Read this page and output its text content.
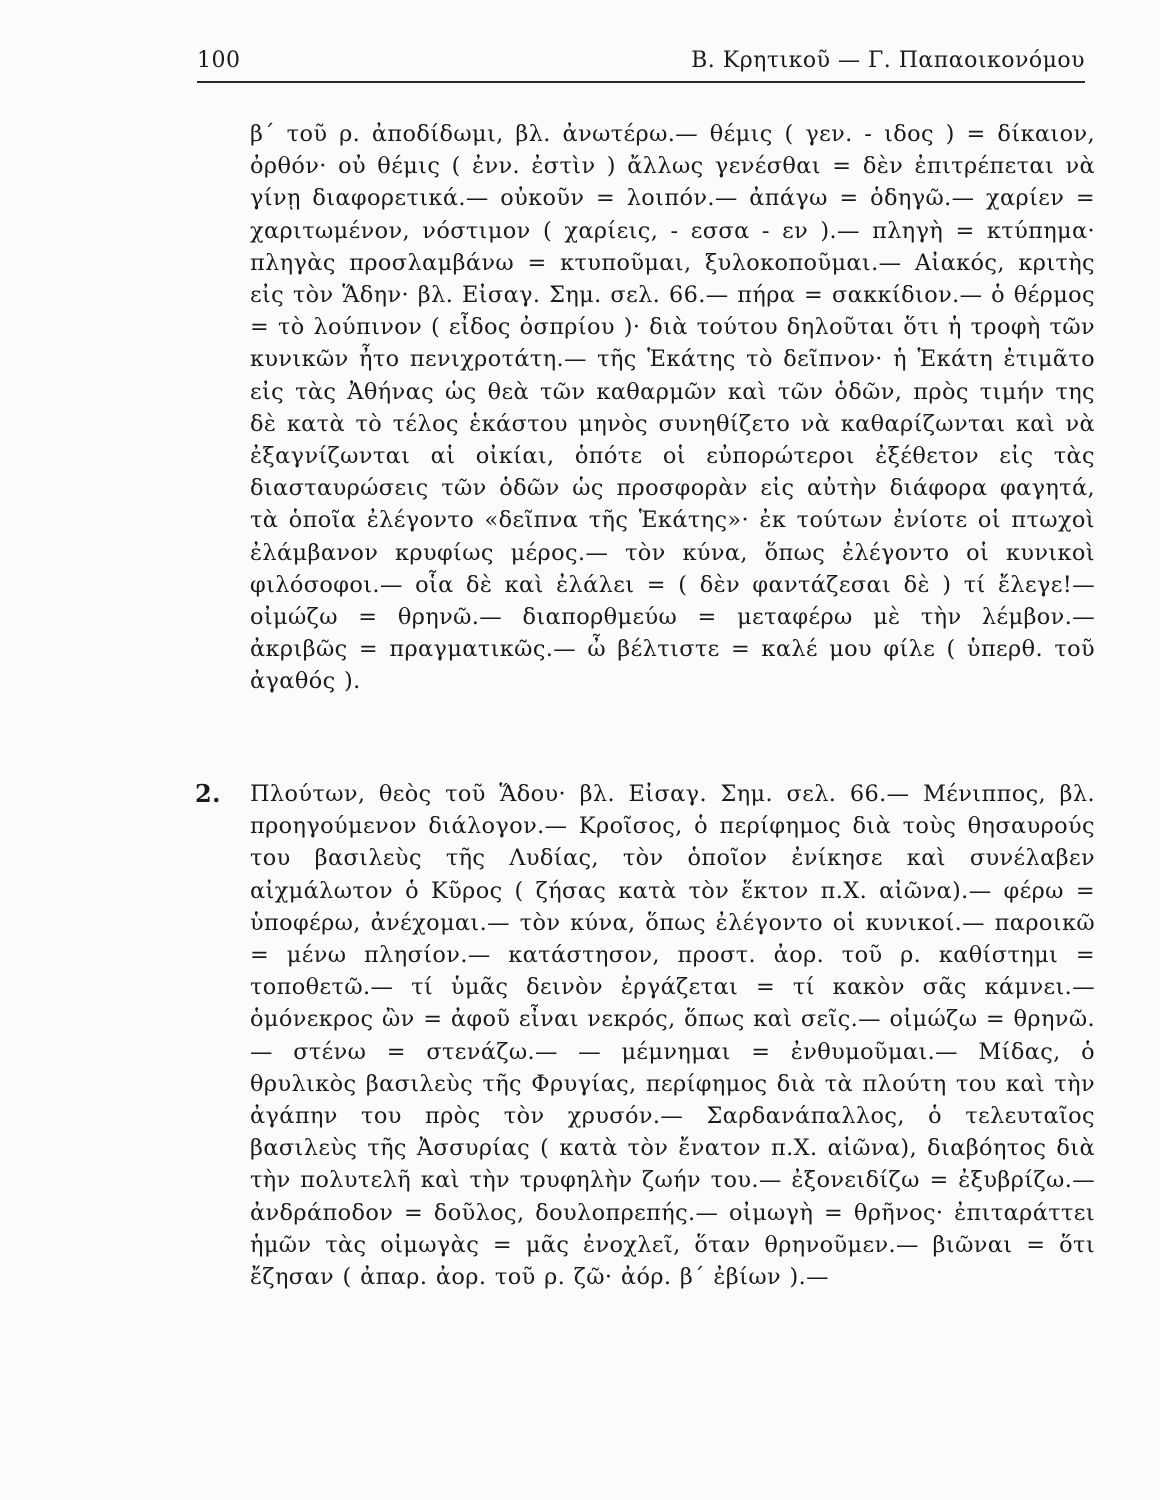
100	Β. Κρητικοῦ — Γ. Παπαοικονόμου
β΄ τοῦ ρ. ἀποδίδωμι, βλ. ἀνωτέρω.— θέμις ( γεν. - ιδος ) = δίκαιον, ὀρθόν· οὐ θέμις ( ἐνν. ἐστὶν ) ἄλλως γενέσθαι = δὲν ἐπιτρέπεται νὰ γίνῃ διαφορετικά.— οὐκοῦν = λοιπόν.— ἀπάγω = ὁδηγῶ.— χαρίεν = χαριτωμένον, νόστιμον ( χαρίεις, - εσσα - εν ).— πληγὴ = κτύπημα· πληγὰς προσλαμβάνω = κτυποῦμαι, ξυλοκοποῦμαι.— Αἰακός, κριτὴς εἰς τὸν Ἅδην· βλ. Εἰσαγ. Σημ. σελ. 66.— πήρα = σακκίδιον.— ὁ θέρμος = τὸ λούπινον ( εἶδος ὀσπρίου )· διὰ τούτου δηλοῦται ὅτι ἡ τροφὴ τῶν κυνικῶν ἦτο πενιχροτάτη.— τῆς Ἑκάτης τὸ δεῖπνον· ἡ Ἑκάτη ἐτιμᾶτο εἰς τὰς Ἀθήνας ὡς θεὰ τῶν καθαρμῶν καὶ τῶν ὁδῶν, πρὸς τιμήν της δὲ κατὰ τὸ τέλος ἑκάστου μηνὸς συνηθίζετο νὰ καθαρίζωνται καὶ νὰ ἐξαγνίζωνται αἱ οἰκίαι, ὁπότε οἱ εὐπορώτεροι ἐξέθετον εἰς τὰς διασταυρώσεις τῶν ὁδῶν ὡς προσφορὰν εἰς αὐτὴν διάφορα φαγητά, τὰ ὁποῖα ἐλέγοντο «δεῖπνα τῆς Ἑκάτης»· ἐκ τούτων ἐνίοτε οἱ πτωχοὶ ἐλάμβανον κρυφίως μέρος.— τὸν κύνα, ὅπως ἐλέγοντο οἱ κυνικοὶ φιλόσοφοι.— οἷα δὲ καὶ ἐλάλει = ( δὲν φαντάζεσαι δὲ ) τί ἔλεγε!— οἰμώζω = θρηνῶ.— διαπορθμεύω = μεταφέρω μὲ τὴν λέμβον.— ἀκριβῶς = πραγματικῶς.— ὦ βέλτιστε = καλέ μου φίλε ( ὑπερθ. τοῦ ἀγαθός ).
2. Πλούτων, θεὸς τοῦ Ἅδου· βλ. Εἰσαγ. Σημ. σελ. 66.— Μένιππος, βλ. προηγούμενον διάλογον.— Κροῖσος, ὁ περίφημος διὰ τοὺς θησαυρούς του βασιλεὺς τῆς Λυδίας, τὸν ὁποῖον ἐνίκησε καὶ συνέλαβεν αἰχμάλωτον ὁ Κῦρος ( ζήσας κατὰ τὸν ἕκτον π.Χ. αἰῶνα).— φέρω = ὑποφέρω, ἀνέχομαι.— τὸν κύνα, ὅπως ἐλέγοντο οἱ κυνικοί.— παροικῶ = μένω πλησίον.— κατάστησον, προστ. ἀορ. τοῦ ρ. καθίστημι = τοποθετῶ.— τί ὑμᾶς δεινὸν ἐργάζεται = τί κακὸν σᾶς κάμνει.— ὁμόνεκρος ὢν = ἀφοῦ εἶναι νεκρός, ὅπως καὶ σεῖς.— οἰμώζω = θρηνῶ.— στένω = στενάζω.— — μέμνημαι = ἐνθυμοῦμαι.— Μίδας, ὁ θρυλικὸς βασιλεὺς τῆς Φρυγίας, περίφημος διὰ τὰ πλούτη του καὶ τὴν ἀγάπην του πρὸς τὸν χρυσόν.— Σαρδανάπαλλος, ὁ τελευταῖος βασιλεὺς τῆς Ἀσσυρίας ( κατὰ τὸν ἔνατον π.Χ. αἰῶνα), διαβόητος διὰ τὴν πολυτελῆ καὶ τὴν τρυφηλὴν ζωήν του.— ἐξονειδίζω = ἐξυβρίζω.— ἀνδράποδον = δοῦλος, δουλοπρεπής.— οἰμωγὴ = θρῆνος· ἐπιταράττει ἡμῶν τὰς οἰμωγὰς = μᾶς ἐνοχλεῖ, ὅταν θρηνοῦμεν.— βιῶναι = ὅτι ἔζησαν ( ἀπαρ. ἀορ. τοῦ ρ. ζῶ· ἀόρ. β΄ ἐβίων ).—
